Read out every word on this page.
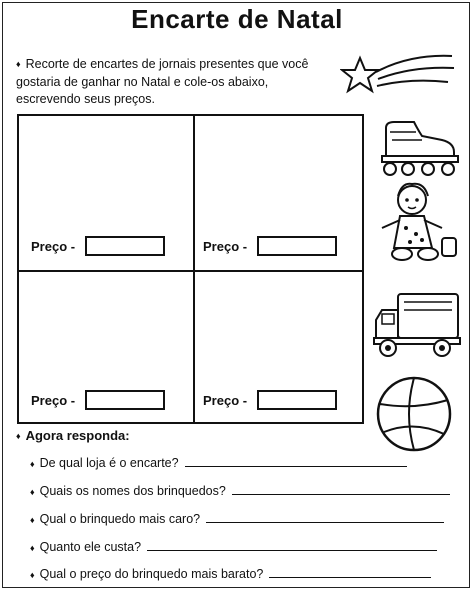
Encarte de Natal
♦ Recorte de encartes de jornais presentes que você gostaria de ganhar no Natal e cole-os abaixo, escrevendo seus preços.
Preço -	Preço -
Preço -	Preço -
♦ Agora responda:
♦ De qual loja é o encarte?
♦ Quais os nomes dos brinquedos?
♦ Qual o brinquedo mais caro?
♦ Quanto ele custa?
♦ Qual o preço do brinquedo mais barato?
